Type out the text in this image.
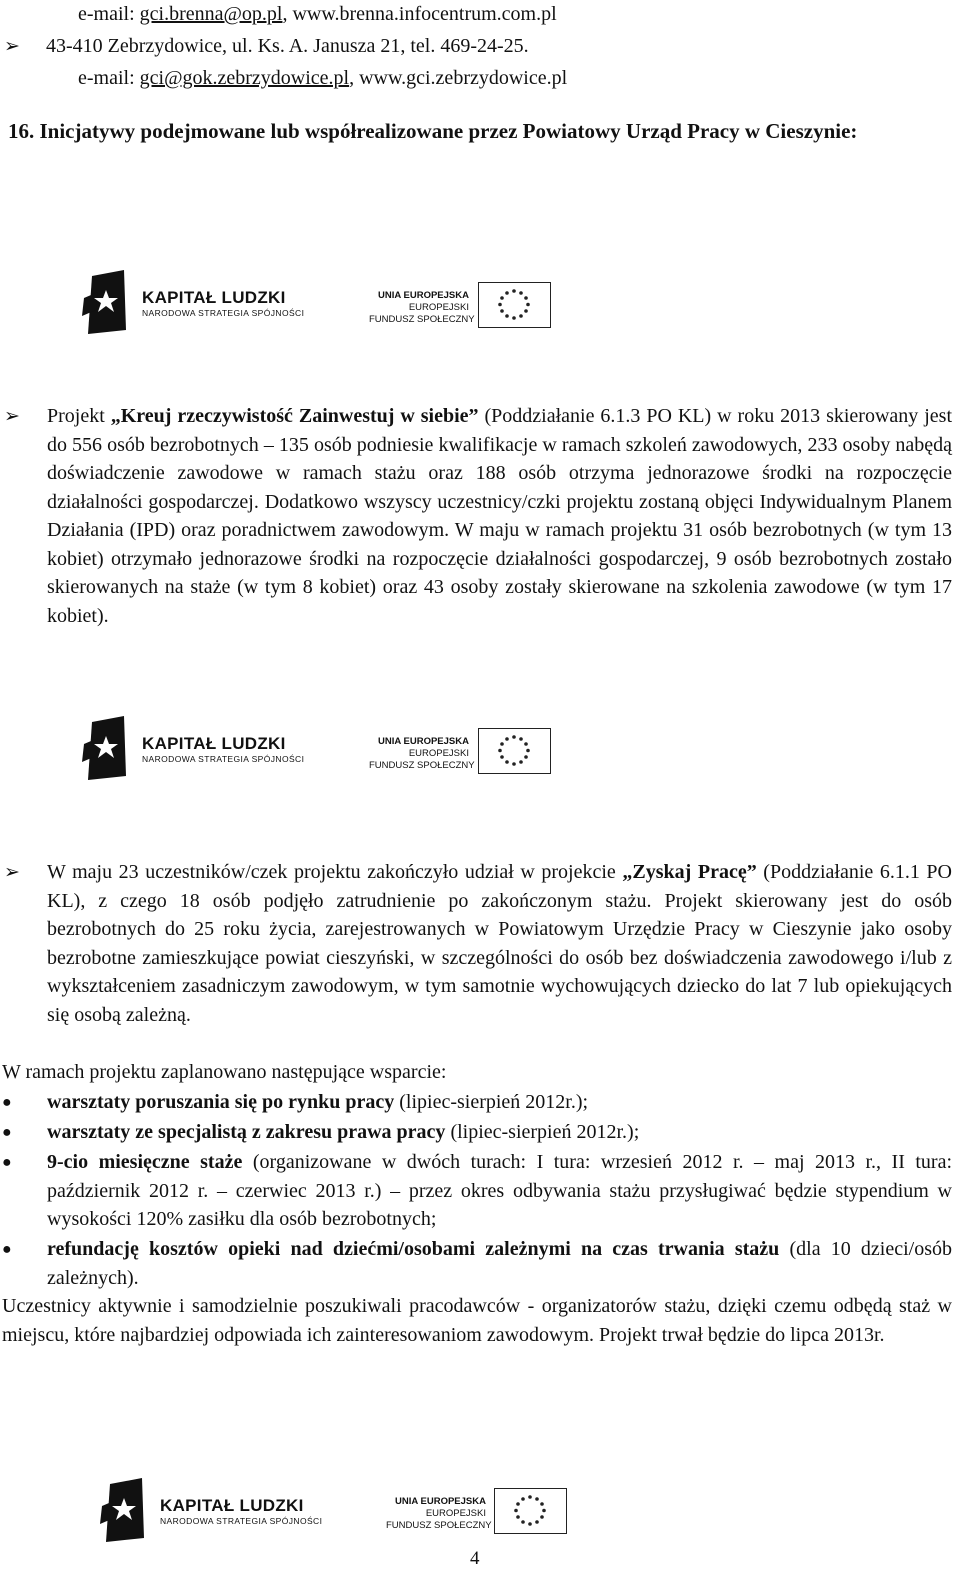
e-mail: gci.brenna@op.pl, www.brenna.infocentrum.com.pl
➢ 43-410 Zebrzydowice, ul. Ks. A. Janusza 21, tel. 469-24-25.
e-mail: gci@gok.zebrzydowice.pl, www.gci.zebrzydowice.pl
16. Inicjatywy podejmowane lub współrealizowane przez Powiatowy Urząd Pracy w Cieszynie:
KAPITAŁ LUDZKI
NARODOWA STRATEGIA SPÓJNOŚCI
UNIA EUROPEJSKA
EUROPEJSKI
FUNDUSZ SPOŁECZNY
➢ Projekt „Kreuj rzeczywistość Zainwestuj w siebie” (Poddziałanie 6.1.3 PO KL) w roku 2013 skierowany jest do 556 osób bezrobotnych – 135 osób podniesie kwalifikacje w ramach szkoleń zawodowych, 233 osoby nabędą doświadczenie zawodowe w ramach stażu oraz 188 osób otrzyma jednorazowe środki na rozpoczęcie działalności gospodarczej. Dodatkowo wszyscy uczestnicy/czki projektu zostaną objęci Indywidualnym Planem Działania (IPD) oraz poradnictwem zawodowym. W maju w ramach projektu 31 osób bezrobotnych (w tym 13 kobiet) otrzymało jednorazowe środki na rozpoczęcie działalności gospodarczej, 9 osób bezrobotnych zostało skierowanych na staże (w tym 8 kobiet) oraz 43 osoby zostały skierowane na szkolenia zawodowe (w tym 17 kobiet).
KAPITAŁ LUDZKI
NARODOWA STRATEGIA SPÓJNOŚCI
UNIA EUROPEJSKA
EUROPEJSKI
FUNDUSZ SPOŁECZNY
➢ W maju 23 uczestników/czek projektu zakończyło udział w projekcie „Zyskaj Pracę” (Poddziałanie 6.1.1 PO KL), z czego 18 osób podjęło zatrudnienie po zakończonym stażu. Projekt skierowany jest do osób bezrobotnych do 25 roku życia, zarejestrowanych w Powiatowym Urzędzie Pracy w Cieszynie jako osoby bezrobotne zamieszkujące powiat cieszyński, w szczególności do osób bez doświadczenia zawodowego i/lub z wykształceniem zasadniczym zawodowym, w tym samotnie wychowujących dziecko do lat 7 lub opiekujących się osobą zależną.
W ramach projektu zaplanowano następujące wsparcie:
● warsztaty poruszania się po rynku pracy (lipiec-sierpień 2012r.);
● warsztaty ze specjalistą z zakresu prawa pracy (lipiec-sierpień 2012r.);
● 9-cio miesięczne staże (organizowane w dwóch turach: I tura: wrzesień 2012 r. – maj 2013 r., II tura: październik 2012 r. – czerwiec 2013 r.) – przez okres odbywania stażu przysługiwać będzie stypendium w wysokości 120% zasiłku dla osób bezrobotnych;
● refundację kosztów opieki nad dziećmi/osobami zależnymi na czas trwania stażu (dla 10 dzieci/osób zależnych).
Uczestnicy aktywnie i samodzielnie poszukiwali pracodawców - organizatorów stażu, dzięki czemu odbędą staż w miejscu, które najbardziej odpowiada ich zainteresowaniom zawodowym. Projekt trwał będzie do lipca 2013r.
KAPITAŁ LUDZKI
NARODOWA STRATEGIA SPÓJNOŚCI
UNIA EUROPEJSKA
EUROPEJSKI
FUNDUSZ SPOŁECZNY
4
